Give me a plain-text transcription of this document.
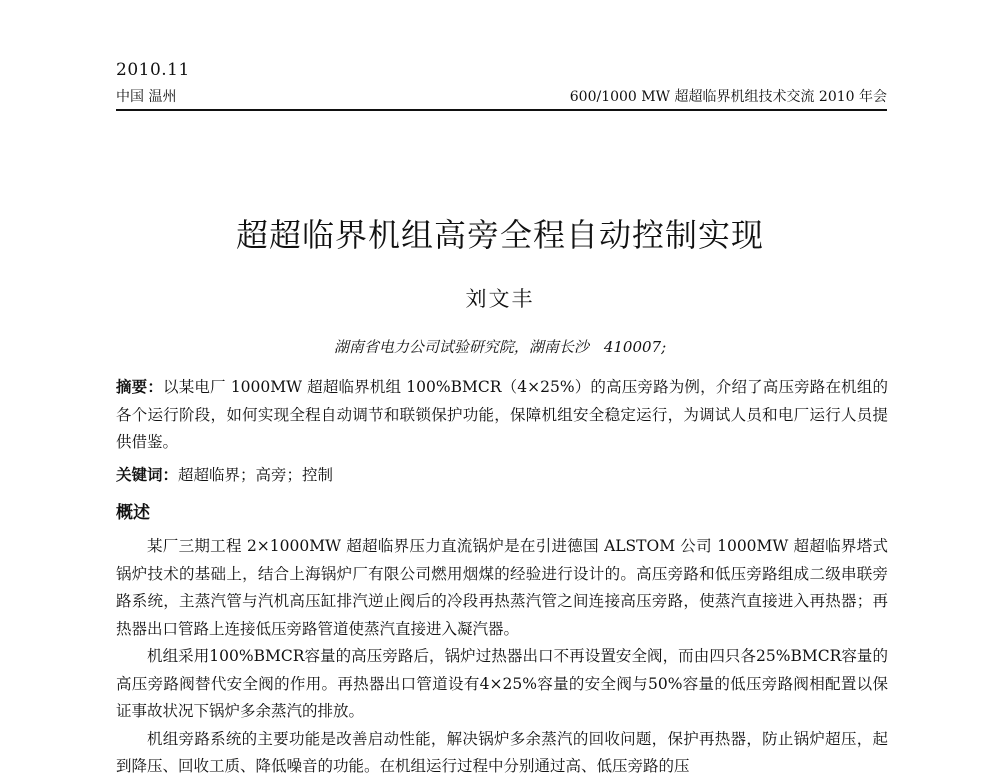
2010.11
中国 温州	600/1000 MW 超超临界机组技术交流 2010 年会
超超临界机组高旁全程自动控制实现
刘文丰
湖南省电力公司试验研究院，湖南长沙　410007;
摘要：以某电厂 1000MW 超超临界机组 100%BMCR（4×25%）的高压旁路为例，介绍了高压旁路在机组的各个运行阶段，如何实现全程自动调节和联锁保护功能，保障机组安全稳定运行，为调试人员和电厂运行人员提供借鉴。
关键词：超超临界；高旁；控制
概述

某厂三期工程 2×1000MW 超超临界压力直流锅炉是在引进德国 ALSTOM 公司 1000MW 超超临界塔式锅炉技术的基础上，结合上海锅炉厂有限公司燃用烟煤的经验进行设计的。高压旁路和低压旁路组成二级串联旁路系统，主蒸汽管与汽机高压缸排汽逆止阀后的冷段再热蒸汽管之间连接高压旁路，使蒸汽直接进入再热器；再热器出口管路上连接低压旁路管道使蒸汽直接进入凝汽器。

机组采用100%BMCR容量的高压旁路后，锅炉过热器出口不再设置安全阀，而由四只各25%BMCR容量的高压旁路阀替代安全阀的作用。再热器出口管道设有4×25%容量的安全阀与50%容量的低压旁路阀相配置以保证事故状况下锅炉多余蒸汽的排放。

机组旁路系统的主要功能是改善启动性能，解决锅炉多余蒸汽的回收问题，保护再热器，防止锅炉超压，起到降压、回收工质、降低噪音的功能。在机组运行过程中分别通过高、低压旁路的压
